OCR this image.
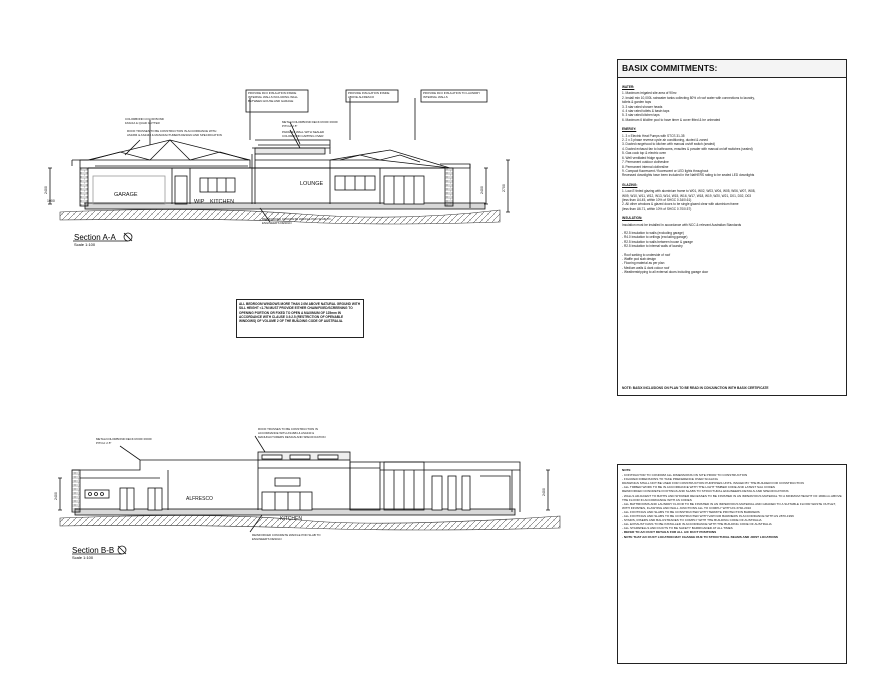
GARAGE
WIP KITCHEN
LOUNGE
2400	2400
1000
2700
Section A-A
Scale 1:100
PROVIDE R3.0 INSULATION INSIDE INTERNAL WALLS INCLUDING WALL BETWEEN HOUSE AND GARAGE
PROVIDE INSULATION INSIDE ABOVE ALFRESCO
PROVIDE R3.0 INSULATION TO LAUNDRY INTERNAL WALLS
COLORBOND COLOR BOND FASCIA & QUAD GUTTER
ROOF TRUSSES TO BE CONSTRUCTION IN ACCORDANCE WITH AS1684 & AS4440 & MANUFACTURERS DESIGN AND SPECIFICATION
PARAPET WALL WITH SEALED COLORBOND CAPPING OVER
METAL/COLORBOND DECK ROOF ROOF PITCH: 2.5°
REINFORCED CONCRETE WAFFLE POD SLAB TO ENGINEER'S DESIGN
ALL BEDROOM WINDOWS MORE THAN 2.0M ABOVE NATURAL GROUND WITH SILL HEIGHT <1.7M MUST PROVIDE EITHER CHAIN/FIXED/SCREENING TO OPENING PORTION OR FIXED TO OPEN A MAXIMUM OF 125mm IN ACCORDANCE WITH CLAUSE 3.9.2.5 (RESTRICTION OF OPENABLE WINDOWS) OF VOLUME 2 OF THE BUILDING CODE OF AUSTRALIA.
ALFRESCO
KITCHEN
2400
2400
Section B-B
Scale 1:100
METAL/COLORBOND DECK ROOF ROOF PITCH: 2.5°
ROOF TRUSSES TO BE CONSTRUCTION IN ACCORDANCE WITH AS1684 & AS4440 & MANUFACTURERS DESIGN AND SPECIFICATION
REINFORCED CONCRETE WAFFLE POD SLAB TO ENGINEER'S DESIGN
BASIX COMMITMENTS:
WATER:
1. Maximum irrigated site area of 90m²
2. Install min 10,000L rainwater tanks collecting 80% of roof water with connections to laundry,
toilets & garden taps
3. 3 star rated shower heads
4. 4 star rated toilets & basin taps
5. 3 star rated kitchen taps
6. Maximum 6 kilolitre pool to have timer & cover fitted & be unheated
ENERGY:
1. 3 x Electric Heat Pumps with STCS 31-35
2. 2 x 3 phase reverse cycle air conditioning, ducted & zoned
3. Ducted rangehood to kitchen with manual on/off switch (sealed)
4. Ducted exhaust fan to bathrooms, ensuites & powder with manual on/off switches (sealed)
5. Gas cook top & electric oven
6. Well ventilated fridge space
7. Permanent outdoor clothesline
8. Permanent internal clothesline
9. Compact fluorescent / fluorescent or LED lights throughout
Recessed downlights have been included in the NatHERS rating to be sealed LED downlights
GLAZING:
1. Low-E tinted glazing with aluminium frame to W01, W02, W03, W04, W05, W06, W07, W08,
W09, W10, W11, W12, W13, W14, W15, W16, W17, W18, W19, W20, W21, D01, D02, D03
(less than U4.45, within 10% of SHGC 0.34/0.61)
2. All other windows & glazed doors to be single glazed clear with aluminium frame
(less than U6.71, within 10% of SHGC 0.70/0.57)
INSULATION:
Insulation must be installed in accordance with NCC & relevant Australian Standards
- R2.5 insulation to walls (excluding garage)
- R4.0 insulation to ceilings (excluding garage)
- R2.5 insulation to walls between house & garage
- R2.5 insulation to internal walls of laundry
- Roof sarking to underside of roof
- Waffle pod slab design
- Flooring material as per plan
- Medium walls & dark colour roof
- Weatherstripping to all external doors including garage door
NOTE: BASIX INCLUSIONS ON PLAN TO BE READ IN CONJUNCTION WITH BASIX CERTIFICATE
NOTE
- CONTRACTOR TO CONFIRM ALL DIMENSIONS ON SITE PRIOR TO CONSTRUCTION
- FIGURED DIMENSIONS TO TAKE PREFERENCE OVER SCALING
DRAWINGS SHALL NOT BE USED FOR CONSTRUCTION PURPOSES UNTIL ISSUED BY THE BUILDER FOR CONSTRUCTION
- ALL TIMBER WORK TO BE IN ACCORDANCE WITH THE LIGHT TIMBER CODE AND LATEST SAA CODES
REINFORCED CONCRETE FOOTINGS AND SLABS TO STRUCTURAL ENGINEERS DETAILS AND SPECIFICATIONS
- WALLS ADJACENT TO BATHS AND SHOWER RECESSES TO BE FINISHED IN AN IMPERVIOUS MATERIAL TO A MINIMUM HEIGHT OF 1800mm ABOVE THE FLOOR IN ACCORDANCE WITH AS CODES
- ALL BATHROOMS AND LAUNDRY FLOOR TO BE FINISHED IN AN IMPERVIOUS MATERIAL AND GRADED TO A SUITABLE FLOOR WASTE OUTLET, WITH FINISHES, FLASHING AND WALL JUNCTIONS ALL TO COMPLY WITH AS 3740-2010
- ALL FOOTINGS AND SLABS TO BE CONSTRUCTED WITH TERMITE PROTECTION BARRIERS
- ALL FOOTINGS AND SLABS TO BE CONSTRUCTED WITH VAPOUR BARRIERS IN ACCORDANCE WITH AS 2870-1996
- STAIRS, RISERS AND BALUSTRADES TO COMPLY WITH THE BUILDING CODE OF AUSTRALIA
- ALL EXHAUST FANS TO BE INSTALLED IN ACCORDANCE WITH THE BUILDING CODE OF AUSTRALIA
- ALL STAIRWELLS AND DUCTS TO BE SAFETY BARRICADED AT ALL TIMES
- REFER TO A/C DUCT DETAILS FOR ALL A/C DUCT POSITIONS
- NOTE THAT A/C DUCT LOCATION MAY CHANGE DUE TO STRUCTURAL BEAMS AND JOIST LOCATIONS
